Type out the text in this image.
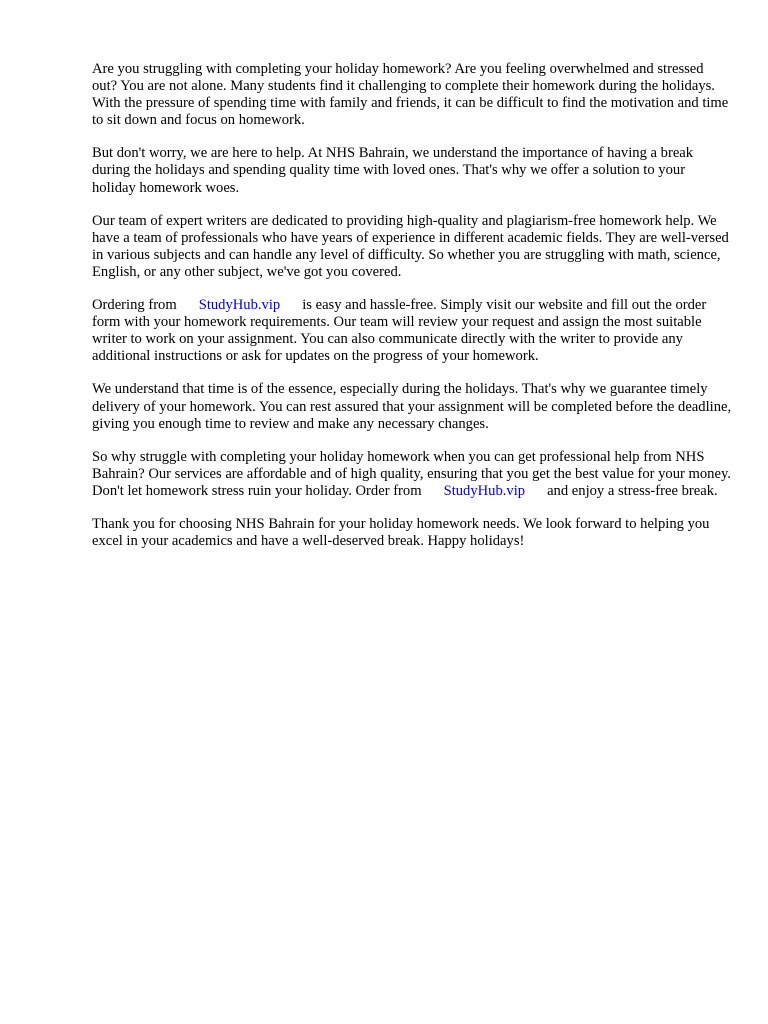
Are you struggling with completing your holiday homework? Are you feeling overwhelmed and stressed out? You are not alone. Many students find it challenging to complete their homework during the holidays. With the pressure of spending time with family and friends, it can be difficult to find the motivation and time to sit down and focus on homework.

But don't worry, we are here to help. At NHS Bahrain, we understand the importance of having a break during the holidays and spending quality time with loved ones. That's why we offer a solution to your holiday homework woes.

Our team of expert writers are dedicated to providing high-quality and plagiarism-free homework help. We have a team of professionals who have years of experience in different academic fields. They are well-versed in various subjects and can handle any level of difficulty. So whether you are struggling with math, science, English, or any other subject, we've got you covered.

Ordering from StudyHub.vip is easy and hassle-free. Simply visit our website and fill out the order form with your homework requirements. Our team will review your request and assign the most suitable writer to work on your assignment. You can also communicate directly with the writer to provide any additional instructions or ask for updates on the progress of your homework.

We understand that time is of the essence, especially during the holidays. That's why we guarantee timely delivery of your homework. You can rest assured that your assignment will be completed before the deadline, giving you enough time to review and make any necessary changes.

So why struggle with completing your holiday homework when you can get professional help from NHS Bahrain? Our services are affordable and of high quality, ensuring that you get the best value for your money. Don't let homework stress ruin your holiday. Order from StudyHub.vip and enjoy a stress-free break.

Thank you for choosing NHS Bahrain for your holiday homework needs. We look forward to helping you excel in your academics and have a well-deserved break. Happy holidays!
